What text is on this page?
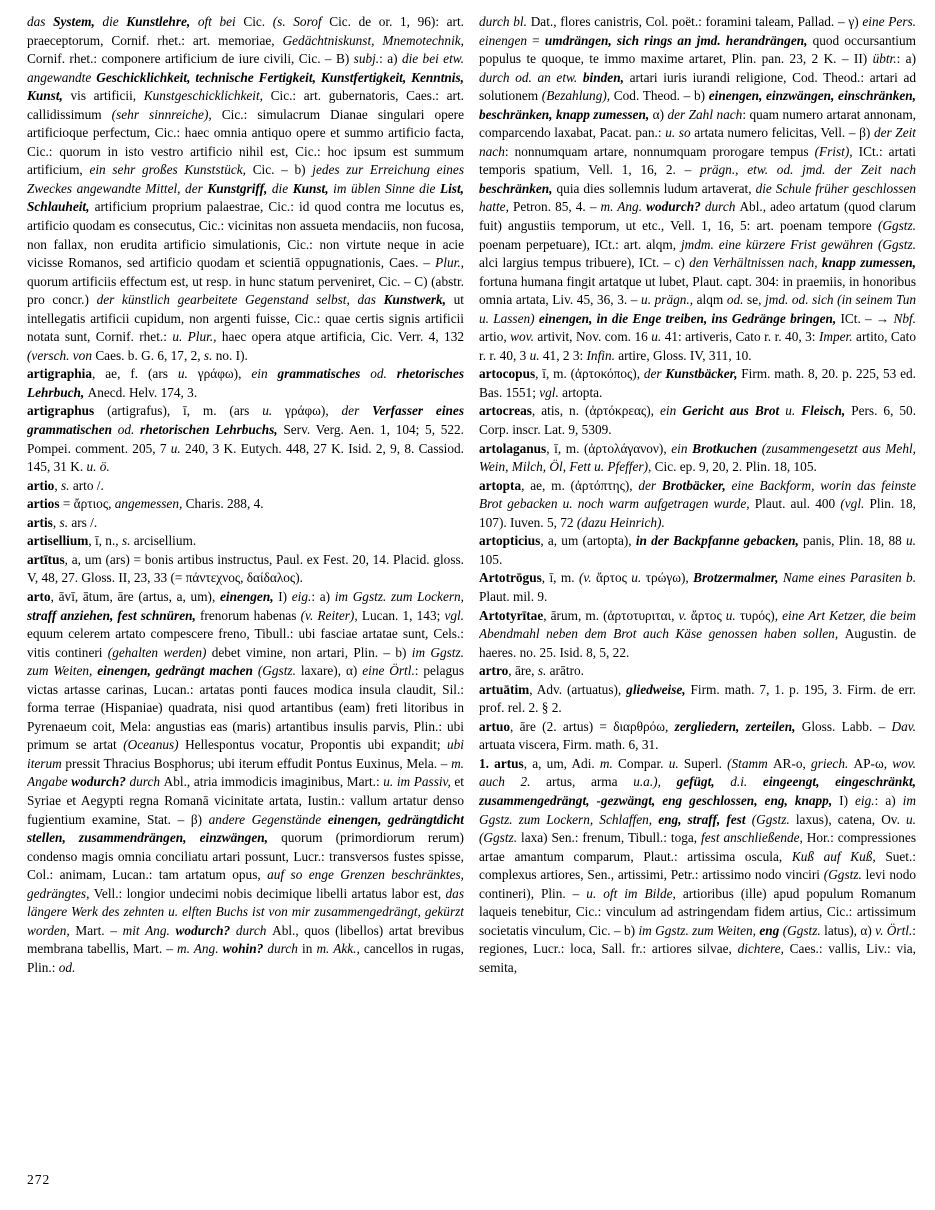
das System, die Kunstlehre, oft bei Cic. (s. Sorof Cic. de or. 1, 96): art. praeceptorum, Cornif. rhet.: art. memoriae, Gedächtniskunst, Mnemotechnik, Cornif. rhet.: componere artificium de iure civili, Cic. – B) subj.: a) die bei etw. angewandte Geschicklichkeit, technische Fertigkeit, Kunstfertigkeit, Kenntnis, Kunst, vis artificii, Kunstgeschicklichkeit, Cic.: art. gubernatoris, Caes.: art. callidissimum (sehr sinnreiche), Cic.: simulacrum Dianae singulari opere artificioque perfectum, Cic.: haec omnia antiquo opere et summo artificio facta, Cic.: quorum in isto vestro artificio nihil est, Cic.: hoc ipsum est summum artificium, ein sehr großes Kunststück, Cic. – b) jedes zur Erreichung eines Zweckes angewandte Mittel, der Kunstgriff, die Kunst, im üblen Sinne die List, Schlauheit, artificium proprium palaestrae, Cic.: id quod contra me locutus es, artificio quodam es consecutus, Cic.: vicinitas non assueta mendaciis, non fucosa, non fallax, non erudita artificio simulationis, Cic.: non virtute neque in acie vicisse Romanos, sed artificio quodam et scientiā oppugnationis, Caes. – Plur., quorum artificiis effectum est, ut resp. in hunc statum perveniret, Cic. – C) (abstr. pro concr.) der künstlich gearbeitete Gegenstand selbst, das Kunstwerk, ut intellegatis artificii cupidum, non argenti fuisse, Cic.: quae certis signis artificii notata sunt, Cornif. rhet.: u. Plur., haec opera atque artificia, Cic. Verr. 4, 132 (versch. von Caes. b. G. 6, 17, 2, s. no. I).

artigraphia, ae, f. (ars u. γράφω), ein grammatisches od. rhetorisches Lehrbuch, Anecd. Helv. 174, 3.

artigraphus (artigrafus), ī, m. (ars u. γράφω), der Verfasser eines grammatischen od. rhetorischen Lehrbuchs, Serv. Verg. Aen. 1, 104; 5, 522. Pompei. comment. 205, 7 u. 240, 3 K. Eutych. 448, 27 K. Isid. 2, 9, 8. Cassiod. 145, 31 K. u. ö.

artio, s. arto /.

artios = ἄρτιος, angemessen, Charis. 288, 4.

artis, s. ars /.

artisellium, ī, n., s. arcisellium.

artītus, a, um (ars) = bonis artibus instructus, Paul. ex Fest. 20, 14. Placid. gloss. V, 48, 27. Gloss. II, 23, 33 (= πάντεχνος, δαίδαλος).

arto, āvī, ātum, āre (artus, a, um), einengen, I) eig.: a) im Ggstz. zum Lockern, straff anziehen, fest schnüren, frenorum habenas (v. Reiter), Lucan. 1, 143; vgl. equum celerem artato compescere freno, Tibull.: ubi fasciae artatae sunt, Cels.: vitis contineri (gehalten werden) debet vimine, non artari, Plin. – b) im Ggstz. zum Weiten, einengen, gedrängt machen (Ggstz. laxare), α) eine Örtl.: pelagus victas artasse carinas, Lucan.: artatas ponti fauces modica insula claudit, Sil.: forma terrae (Hispaniae) quadrata, nisi quod artantibus (eam) freti litoribus in Pyrenaeum coit, Mela: angustias eas (maris) artantibus insulis parvis, Plin.: ubi primum se artat (Oceanus) Hellespontus vocatur, Propontis ubi expandit; ubi iterum pressit Thracius Bosphorus; ubi iterum effudit Pontus Euxinus, Mela. – m. Angabe wodurch? durch Abl., atria immodicis imaginibus, Mart.: u. im Passiv, et Syriae et Aegypti regna Romanā vicinitate artata, Iustin.: vallum artatur denso fugientium examine, Stat. – β) andere Gegenstände einengen, gedrängtdicht stellen, zusammendrängen, einzwängen, quorum (primordiorum rerum) condenso magis omnia conciliatu artari possunt, Lucr.: transversos fustes spisse, Col.: animam, Lucan.: tam artatum opus, auf so enge Grenzen beschränktes, gedrängtes, Vell.: longior undecimi nobis decimique libelli artatus labor est, das längere Werk des zehnten u. elften Buchs ist von mir zusammengedrängt, gekürzt worden, Mart. – mit Ang. wodurch? durch Abl., quos (libellos) artat brevibus membrana tabellis, Mart. – m. Ang. wohin? durch in m. Akk., cancellos in rugas, Plin.: od.

durch bl. Dat., flores canistris, Col. poët.: foramini taleam, Pallad. – γ) eine Pers. einengen = umdrängen, sich rings an jmd. herandrängen, quod occursantium populus te quoque, te immo maxime artaret, Plin. pan. 23, 2 K. – II) übtr.: a) durch od. an etw. binden, artari iuris iurandi religione, Cod. Theod.: artari ad solutionem (Bezahlung), Cod. Theod. – b) einengen, einzwängen, einschränken, beschränken, knapp zumessen, α) der Zahl nach: quam numero artarat annonam, comparcendo laxabat, Pacat. pan.: u. so artata numero felicitas, Vell. – β) der Zeit nach: nonnumquam artare, nonnumquam prorogare tempus (Frist), ICt.: artati temporis spatium, Vell. 1, 16, 2. – prägn., etw. od. jmd. der Zeit nach beschränken, quia dies sollemnis ludum artaverat, die Schule früher geschlossen hatte, Petron. 85, 4. – m. Ang. wodurch? durch Abl., adeo artatum (quod clarum fuit) angustiis temporum, ut etc., Vell. 1, 16, 5: art. poenam tempore (Ggstz. poenam perpetuare), ICt.: art. alqm, jmdm. eine kürzere Frist gewähren (Ggstz. alci largius tempus tribuere), ICt. – c) den Verhältnissen nach, knapp zumessen, fortuna humana fingit artatque ut lubet, Plaut. capt. 304: in praemiis, in honoribus omnia artata, Liv. 45, 36, 3. – u. prägn., alqm od. se, jmd. od. sich (in seinem Tun u. Lassen) einengen, in die Enge treiben, ins Gedränge bringen, ICt. – → Nbf. artio, wov. artivit, Nov. com. 16 u. 41: artiveris, Cato r. r. 40, 3: Imper. artito, Cato r. r. 40, 3 u. 41, 2 3: Infin. artire, Gloss. IV, 311, 10.

artocopus, ī, m. (ἀρτοκόπος), der Kunstbäcker, Firm. math. 8, 20. p. 225, 53 ed. Bas. 1551; vgl. artopta.

artocreas, atis, n. (ἀρτόκρεας), ein Gericht aus Brot u. Fleisch, Pers. 6, 50. Corp. inscr. Lat. 9, 5309.

artolaganus, ī, m. (ἀρτολάγανον), ein Brotkuchen (zusammengesetzt aus Mehl, Wein, Milch, Öl, Fett u. Pfeffer), Cic. ep. 9, 20, 2. Plin. 18, 105.

artopta, ae, m. (ἀρτόπτης), der Brotbäcker, eine Backform, worin das feinste Brot gebacken u. noch warm aufgetragen wurde, Plaut. aul. 400 (vgl. Plin. 18, 107). Iuven. 5, 72 (dazu Heinrich).

artopticius, a, um (artopta), in der Backpfanne gebacken, panis, Plin. 18, 88 u. 105.

Artotrōgus, ī, m. (v. ἄρτος u. τρώγω), Brotzermalmer, Name eines Parasiten b. Plaut. mil. 9.

Artotyrītae, ārum, m. (ἀρτοτυριται, v. ἄρτος u. τυρός), eine Art Ketzer, die beim Abendmahl neben dem Brot auch Käse genossen haben sollen, Augustin. de haeres. no. 25. Isid. 8, 5, 22.

artro, āre, s. arātro.

artuātim, Adv. (artuatus), gliedweise, Firm. math. 7, 1. p. 195, 3. Firm. de err. prof. rel. 2. § 2.

artuo, āre (2. artus) = διαρθρόω, zergliedern, zerteilen, Gloss. Labb. – Dav. artuata viscera, Firm. math. 6, 31.

1. artus, a, um, Adi. m. Compar. u. Superl. (Stamm AR-o, griech. AP-ω, wov. auch 2. artus, arma u.a.), gefügt, d.i. eingeengt, eingeschränkt, zusammengedrängt, -gezwängt, eng geschlossen, eng, knapp, I) eig.: a) im Ggstz. zum Lockern, Schlaffen, eng, straff, fest (Ggstz. laxus), catena, Ov. u. (Ggstz. laxa) Sen.: frenum, Tibull.: toga, fest anschließende, Hor.: compressiones artae amantum comparum, Plaut.: artissima oscula, Kuß auf Kuß, Suet.: complexus artiores, Sen., artissimi, Petr.: artissimo nodo vinciri (Ggstz. levi nodo contineri), Plin. – u. oft im Bilde, artioribus (ille) apud populum Romanum laqueis tenebitur, Cic.: vinculum ad astringendam fidem artius, Cic.: artissimum societatis vinculum, Cic. – b) im Ggstz. zum Weiten, eng (Ggstz. latus), α) v. Örtl.: regiones, Lucr.: loca, Sall. fr.: artiores silvae, dichtere, Caes.: vallis, Liv.: via, semita,

272
